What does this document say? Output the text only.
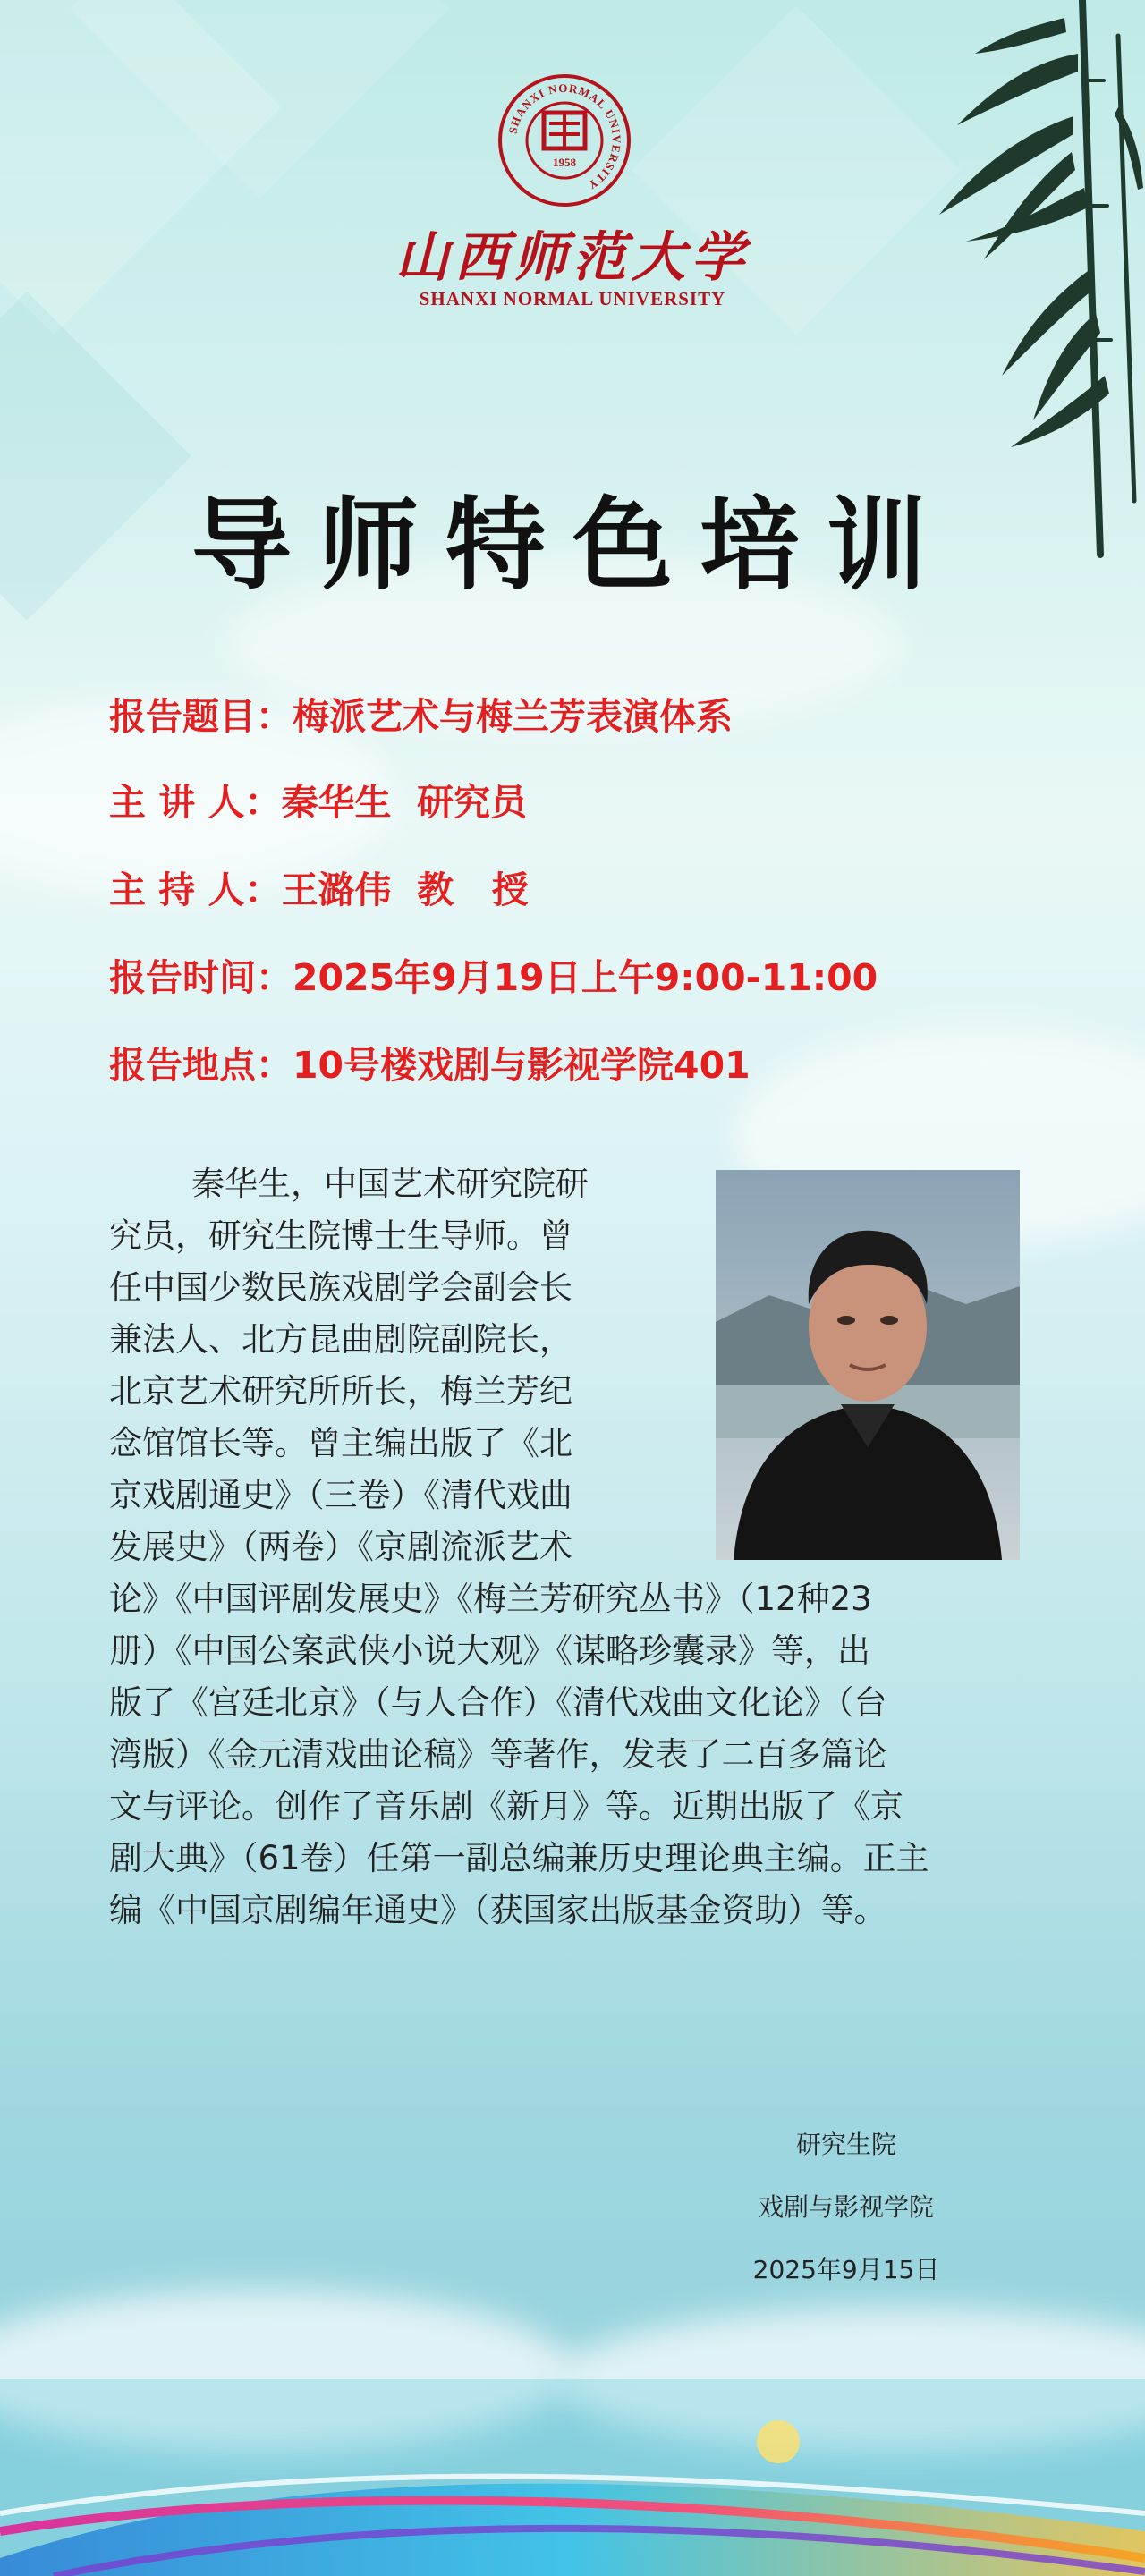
SHANXI NORMAL UNIVERSITY
1958
山西师范大学
SHANXI NORMAL UNIVERSITY
导师特色培训
报告题目：梅派艺术与梅兰芳表演体系
主 讲 人：秦华生  研究员
主 持 人：王潞伟  教   授
报告时间：2025年9月19日上午9:00-11:00
报告地点：10号楼戏剧与影视学院401
秦华生，中国艺术研究院研
究员，研究生院博士生导师。曾
任中国少数民族戏剧学会副会长
兼法人、北方昆曲剧院副院长，
北京艺术研究所所长，梅兰芳纪
念馆馆长等。曾主编出版了《北
京戏剧通史》（三卷）《清代戏曲
发展史》（两卷）《京剧流派艺术
论》《中国评剧发展史》《梅兰芳研究丛书》（12种23
册）《中国公案武侠小说大观》《谋略珍囊录》等，出
版了《宫廷北京》（与人合作）《清代戏曲文化论》（台
湾版）《金元清戏曲论稿》等著作，发表了二百多篇论
文与评论。创作了音乐剧《新月》等。近期出版了《京
剧大典》（61卷）任第一副总编兼历史理论典主编。正主
编《中国京剧编年通史》（获国家出版基金资助）等。
研究生院
戏剧与影视学院
2025年9月15日
